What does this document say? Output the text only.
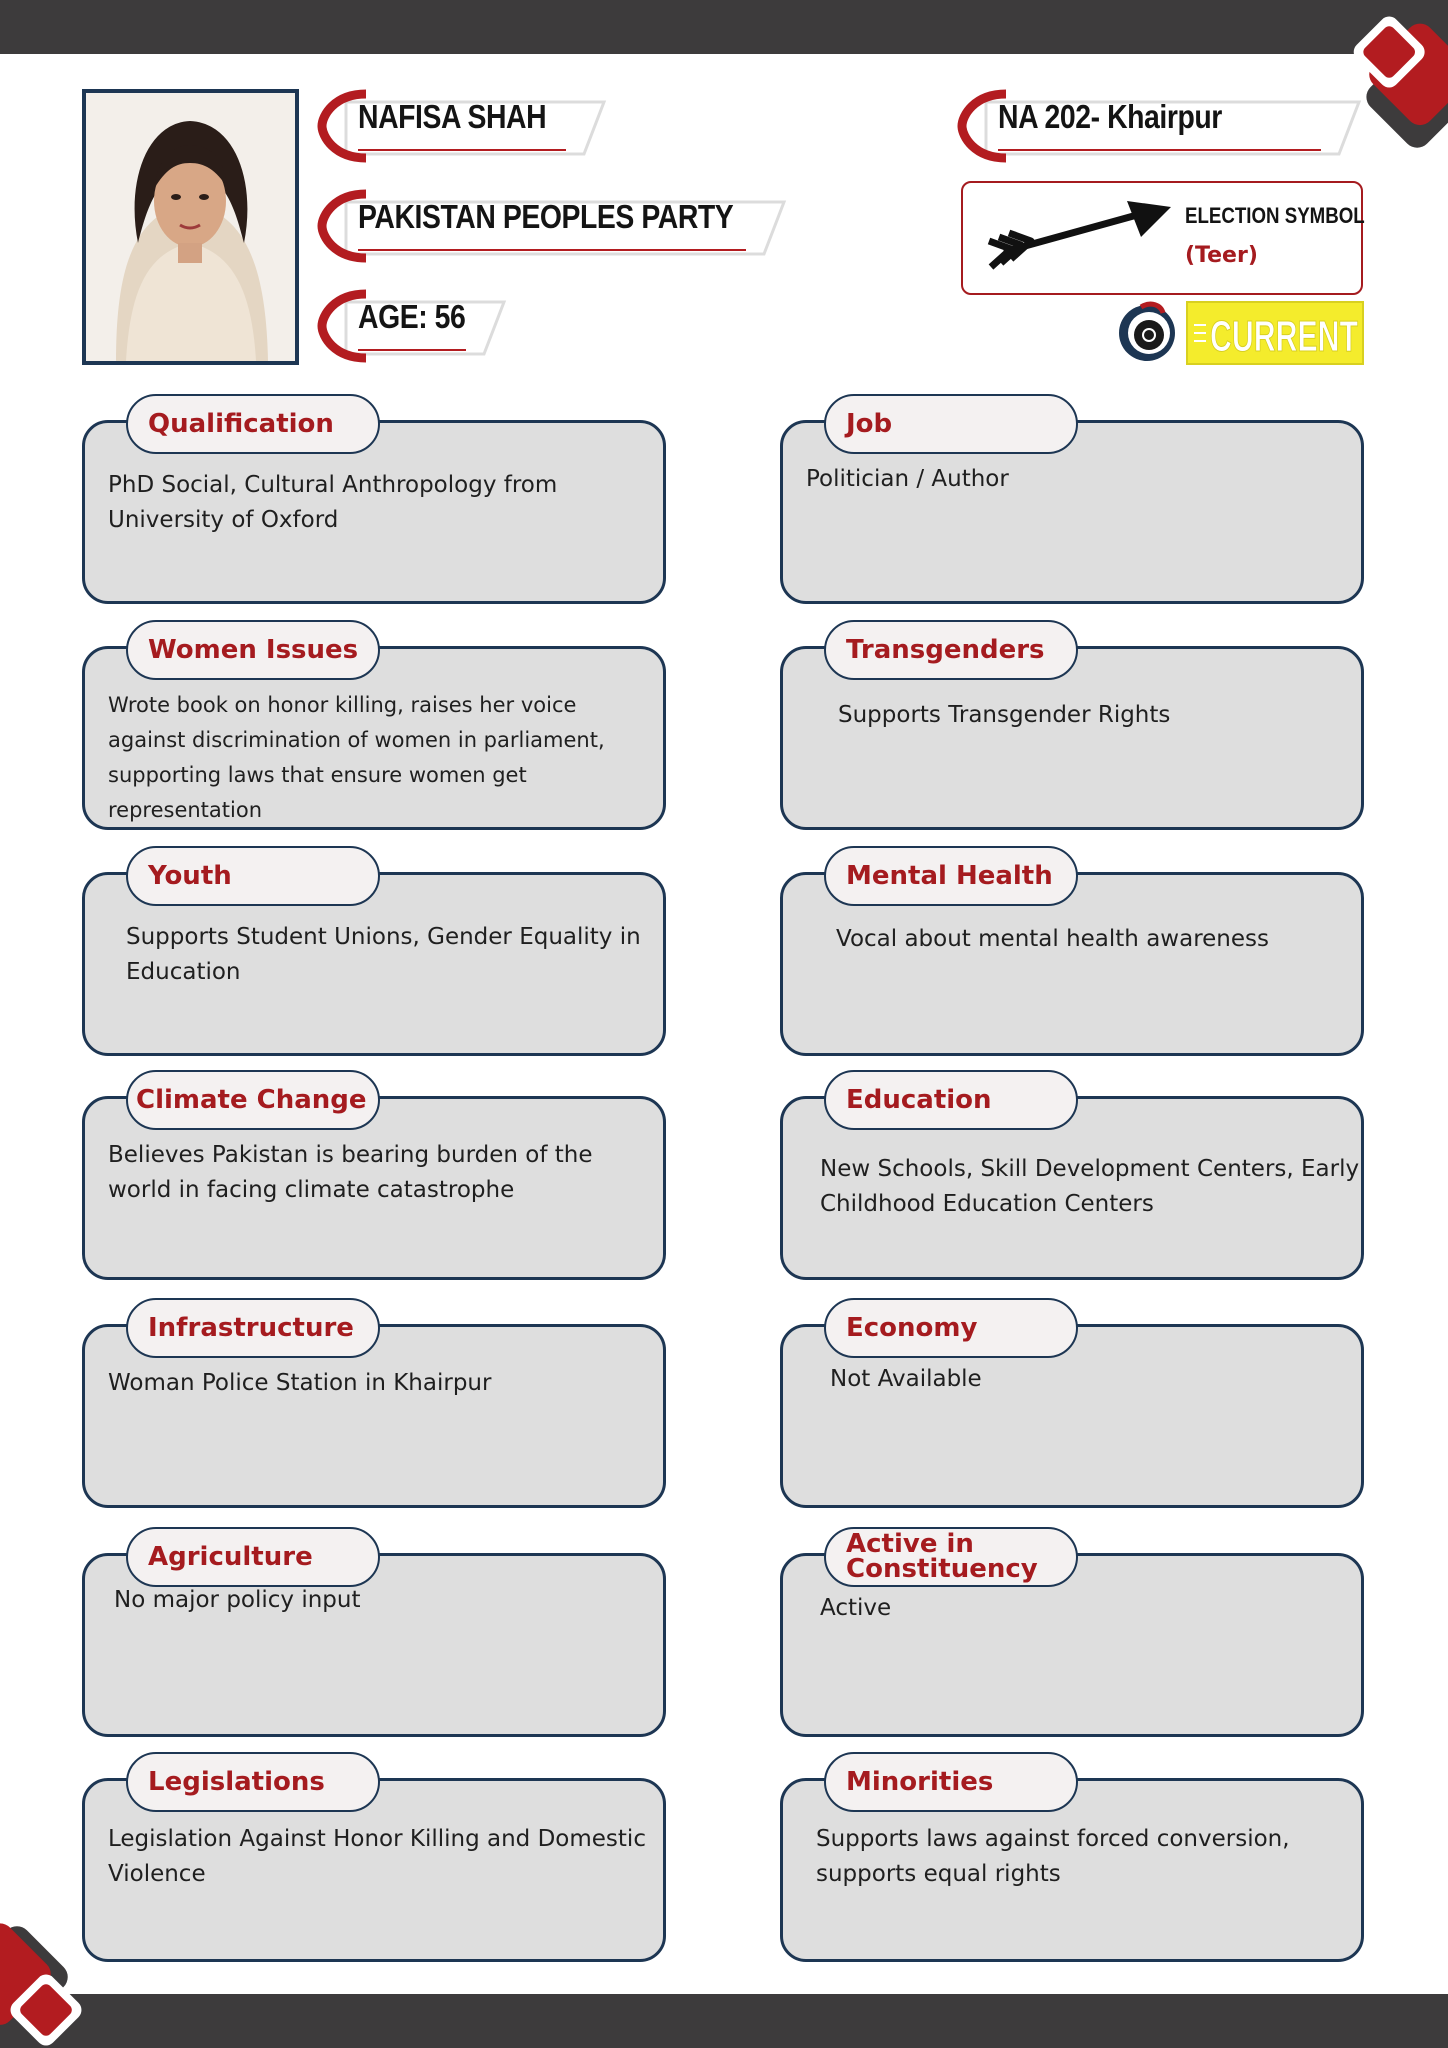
NAFISA SHAH
PAKISTAN PEOPLES PARTY
AGE: 56
NA 202- Khairpur
ELECTION SYMBOL
(Teer)
CURRENT
Qualification
PhD Social, Cultural Anthropology from University of Oxford
Job
Politician / Author
Women Issues
Wrote book on honor killing, raises her voice against discrimination of women in parliament, supporting laws that ensure women get representation
Transgenders
Supports Transgender Rights
Youth
Supports Student Unions, Gender Equality in Education
Mental Health
Vocal about mental health awareness
Climate Change
Believes Pakistan is bearing burden of the world in facing climate catastrophe
Education
New Schools, Skill Development Centers, Early Childhood Education Centers
Infrastructure
Woman Police Station in Khairpur
Economy
Not Available
Agriculture
No major policy input
Active in Constituency
Active
Legislations
Legislation Against Honor Killing and Domestic Violence
Minorities
Supports laws against forced conversion, supports equal rights
